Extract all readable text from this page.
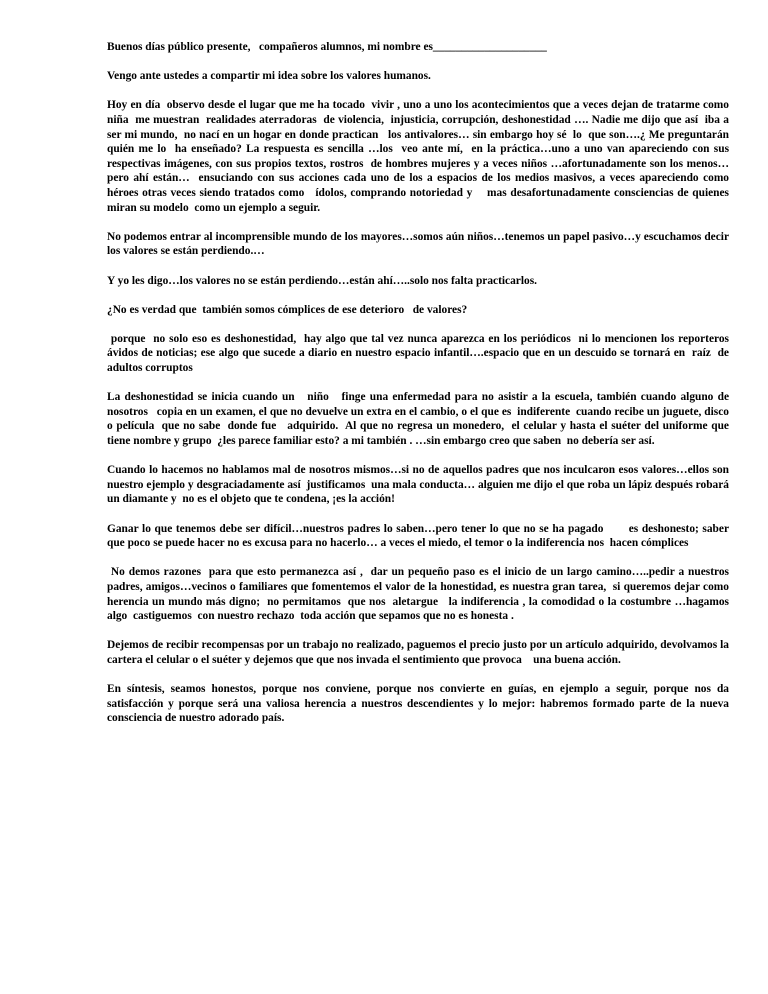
Buenos días público presente,   compañeros alumnos, mi nombre es____________________

Vengo ante ustedes a compartir mi idea sobre los valores humanos.

Hoy en día  observo desde el lugar que me ha tocado  vivir , uno a uno los acontecimientos que a veces dejan de tratarme como niña  me muestran  realidades aterradoras  de violencia,  injusticia, corrupción, deshonestidad …. Nadie me dijo que así  iba a ser mi mundo,  no nací en un hogar en donde practican   los antivalores… sin embargo hoy sé  lo  que son….¿ Me preguntarán  quién me lo  ha enseñado? La respuesta es sencilla …los  veo ante mí,  en la práctica…uno a uno van apareciendo con sus respectivas imágenes, con sus propios textos, rostros  de hombres mujeres y a veces niños …afortunadamente son los menos…pero ahí están…  ensuciando con sus acciones cada uno de los a espacios de los medios masivos, a veces apareciendo como  héroes otras veces siendo tratados como   ídolos, comprando notoriedad y    mas desafortunadamente consciencias de quienes miran su modelo  como un ejemplo a seguir.

No podemos entrar al incomprensible mundo de los mayores…somos aún niños…tenemos un papel pasivo…y escuchamos decir los valores se están perdiendo.…

Y yo les digo…los valores no se están perdiendo…están ahí…..solo nos falta practicarlos.

¿No es verdad que  también somos cómplices de ese deterioro   de valores?

porque  no solo eso es deshonestidad,  hay algo que tal vez nunca aparezca en los periódicos  ni lo mencionen los reporteros ávidos de noticias; ese algo que sucede a diario en nuestro espacio infantil….espacio que en un descuido se tornará en  raíz  de adultos corruptos

La deshonestidad se inicia cuando un   niño   finge una enfermedad para no asistir a la escuela, también cuando alguno de nosotros   copia en un examen, el que no devuelve un extra en el cambio, o el que es  indiferente  cuando recibe un juguete, disco o película  que no sabe  donde fue   adquirido.  Al que no regresa un monedero,  el celular y hasta el suéter del uniforme que tiene nombre y grupo  ¿les parece familiar esto? a mi también . …sin embargo creo que saben  no debería ser así.

Cuando lo hacemos no hablamos mal de nosotros mismos…si no de aquellos padres que nos inculcaron esos valores…ellos son nuestro ejemplo y desgraciadamente así  justificamos  una mala conducta… alguien me dijo el que roba un lápiz después robará un diamante y  no es el objeto que te condena, ¡es la acción!

Ganar lo que tenemos debe ser difícil…nuestros padres lo saben…pero tener lo que no se ha pagado       es deshonesto; saber que poco se puede hacer no es excusa para no hacerlo… a veces el miedo, el temor o la indiferencia nos  hacen cómplices

No demos razones  para que esto permanezca así ,  dar un pequeño paso es el inicio de un largo camino…..pedir a nuestros padres, amigos…vecinos o familiares que fomentemos el valor de la honestidad, es nuestra gran tarea,  si queremos dejar como herencia un mundo más digno;  no permitamos  que nos  aletargue   la indiferencia , la comodidad o la costumbre …hagamos algo  castiguemos  con nuestro rechazo  toda acción que sepamos que no es honesta .

Dejemos de recibir recompensas por un trabajo no realizado, paguemos el precio justo por un artículo adquirido, devolvamos la cartera el celular o el suéter y dejemos que que nos invada el sentimiento que provoca    una buena acción.

En síntesis, seamos honestos, porque nos conviene, porque nos convierte en guías, en ejemplo a seguir, porque nos da satisfacción y porque será una valiosa herencia a nuestros descendientes y lo mejor: habremos formado parte de la nueva consciencia de nuestro adorado país.
